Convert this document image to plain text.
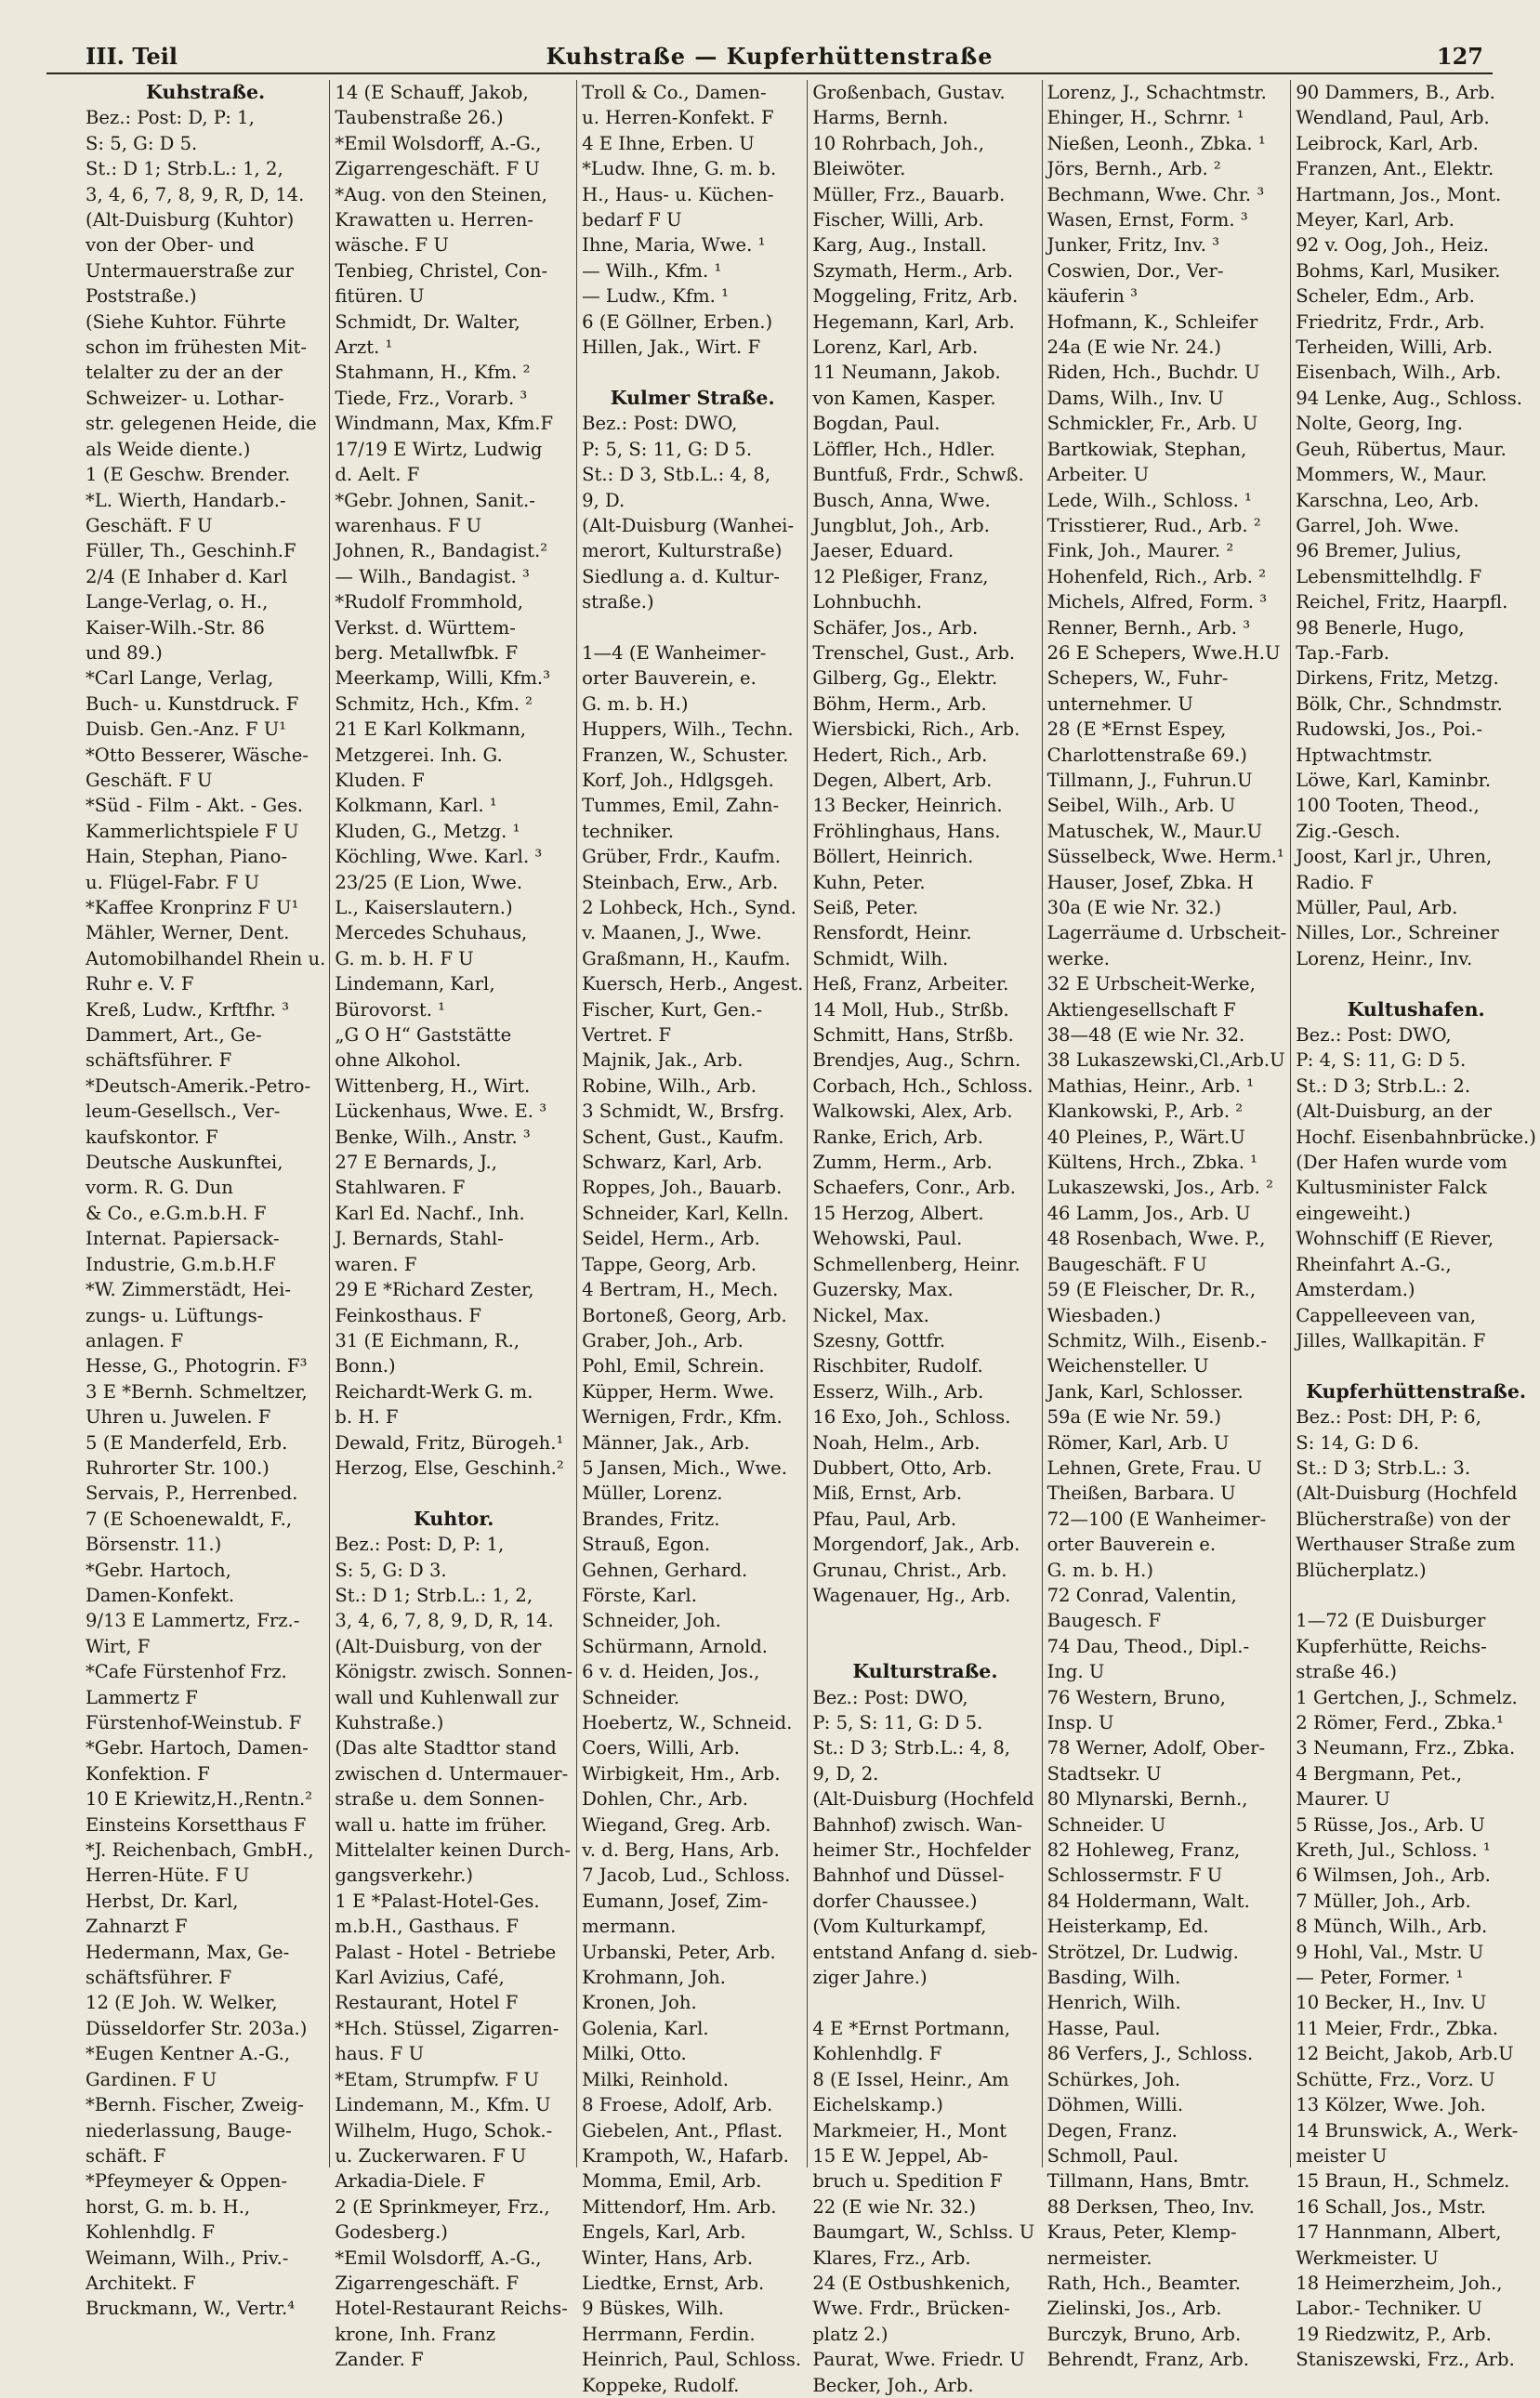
III. Teil	Kuhstraße — Kupferhüttenstraße	127
Kuhstraße.
Bez.: Post: D, P: 1,
S: 5, G: D 5.
St.: D 1; Strb.L.: 1, 2,
3, 4, 6, 7, 8, 9, R, D, 14.
(Alt-Duisburg (Kuhtor)
von der Ober- und
Untermauerstraße zur
Poststraße.)
(Siehe Kuhtor. Führte
schon im frühesten Mit-
telalter zu der an der
Schweizer- u. Lothar-
str. gelegenen Heide, die
als Weide diente.)
1 (E Geschw. Brender.
*L. Wierth, Handarb.-
Geschäft. F U
Füller, Th., Geschinh.F
2/4 (E Inhaber d. Karl
Lange-Verlag, o. H.,
Kaiser-Wilh.-Str. 86
und 89.)
*Carl Lange, Verlag,
Buch- u. Kunstdruck. F
Duisb. Gen.-Anz. F U¹
*Otto Besserer, Wäsche-
Geschäft. F U
*Süd - Film - Akt. - Ges.
Kammerlichtspiele F U
Hain, Stephan, Piano-
u. Flügel-Fabr. F U
*Kaffee Kronprinz F U¹
Mähler, Werner, Dent.
Automobilhandel Rhein u.
Ruhr e. V. F
Kreß, Ludw., Krftfhr. ³
Dammert, Art., Ge-
schäftsführer. F
*Deutsch-Amerik.-Petro-
leum-Gesellsch., Ver-
kaufskontor. F
Deutsche Auskunftei,
vorm. R. G. Dun
& Co., e.G.m.b.H. F
Internat. Papiersack-
Industrie, G.m.b.H.F
*W. Zimmerstädt, Hei-
zungs- u. Lüftungs-
anlagen. F
Hesse, G., Photogrin. F³
3 E *Bernh. Schmeltzer,
Uhren u. Juwelen. F
5 (E Manderfeld, Erb.
Ruhrorter Str. 100.)
Servais, P., Herrenbed.
7 (E Schoenewaldt, F.,
Börsenstr. 11.)
*Gebr. Hartoch,
Damen-Konfekt.
9/13 E Lammertz, Frz.-
Wirt, F
*Cafe Fürstenhof Frz.
Lammertz F
Fürstenhof-Weinstub. F
*Gebr. Hartoch, Damen-
Konfektion. F
10 E Kriewitz,H.,Rentn.²
Einsteins Korsetthaus F
*J. Reichenbach, GmbH.,
Herren-Hüte. F U
Herbst, Dr. Karl,
Zahnarzt F
Hedermann, Max, Ge-
schäftsführer. F
12 (E Joh. W. Welker,
Düsseldorfer Str. 203a.)
*Eugen Kentner A.-G.,
Gardinen. F U
*Bernh. Fischer, Zweig-
niederlassung, Bauge-
schäft. F
*Pfeymeyer & Oppen-
horst, G. m. b. H.,
Kohlenhdlg. F
Weimann, Wilh., Priv.-
Architekt. F
Bruckmann, W., Vertr.⁴
14 (E Schauff, Jakob,
Taubenstraße 26.)
*Emil Wolsdorff, A.-G.,
Zigarrengeschäft. F U
*Aug. von den Steinen,
Krawatten u. Herren-
wäsche. F U
Tenbieg, Christel, Con-
fitüren. U
Schmidt, Dr. Walter,
Arzt. ¹
Stahmann, H., Kfm. ²
Tiede, Frz., Vorarb. ³
Windmann, Max, Kfm.F
17/19 E Wirtz, Ludwig
d. Aelt. F
*Gebr. Johnen, Sanit.-
warenhaus. F U
Johnen, R., Bandagist.²
— Wilh., Bandagist. ³
*Rudolf Frommhold,
Verkst. d. Württem-
berg. Metallwfbk. F
Meerkamp, Willi, Kfm.³
Schmitz, Hch., Kfm. ²
21 E Karl Kolkmann,
Metzgerei. Inh. G.
Kluden. F
Kolkmann, Karl. ¹
Kluden, G., Metzg. ¹
Köchling, Wwe. Karl. ³
23/25 (E Lion, Wwe.
L., Kaiserslautern.)
Mercedes Schuhaus,
G. m. b. H. F U
Lindemann, Karl,
Bürovorst. ¹
„G O H“ Gaststätte
ohne Alkohol.
Wittenberg, H., Wirt.
Lückenhaus, Wwe. E. ³
Benke, Wilh., Anstr. ³
27 E Bernards, J.,
Stahlwaren. F
Karl Ed. Nachf., Inh.
J. Bernards, Stahl-
waren. F
29 E *Richard Zester,
Feinkosthaus. F
31 (E Eichmann, R.,
Bonn.)
Reichardt-Werk G. m.
b. H. F
Dewald, Fritz, Bürogeh.¹
Herzog, Else, Geschinh.²

Kuhtor.
Bez.: Post: D, P: 1,
S: 5, G: D 3.
St.: D 1; Strb.L.: 1, 2,
3, 4, 6, 7, 8, 9, D, R, 14.
(Alt-Duisburg, von der
Königstr. zwisch. Sonnen-
wall und Kuhlenwall zur
Kuhstraße.)
(Das alte Stadttor stand
zwischen d. Untermauer-
straße u. dem Sonnen-
wall u. hatte im früher.
Mittelalter keinen Durch-
gangsverkehr.)
1 E *Palast-Hotel-Ges.
m.b.H., Gasthaus. F
Palast - Hotel - Betriebe
Karl Avizius, Café,
Restaurant, Hotel F
*Hch. Stüssel, Zigarren-
haus. F U
*Etam, Strumpfw. F U
Lindemann, M., Kfm. U
Wilhelm, Hugo, Schok.-
u. Zuckerwaren. F U
Arkadia-Diele. F
2 (E Sprinkmeyer, Frz.,
Godesberg.)
*Emil Wolsdorff, A.-G.,
Zigarrengeschäft. F
Hotel-Restaurant Reichs-
krone, Inh. Franz
Zander. F
Troll & Co., Damen-
u. Herren-Konfekt. F
4 E Ihne, Erben. U
*Ludw. Ihne, G. m. b.
H., Haus- u. Küchen-
bedarf F U
Ihne, Maria, Wwe. ¹
— Wilh., Kfm. ¹
— Ludw., Kfm. ¹
6 (E Göllner, Erben.)
Hillen, Jak., Wirt. F

Kulmer Straße.
Bez.: Post: DWO,
P: 5, S: 11, G: D 5.
St.: D 3, Stb.L.: 4, 8,
9, D.
(Alt-Duisburg (Wanhei-
merort, Kulturstraße)
Siedlung a. d. Kultur-
straße.)

1—4 (E Wanheimer-
orter Bauverein, e.
G. m. b. H.)
Huppers, Wilh., Techn.
Franzen, W., Schuster.
Korf, Joh., Hdlgsgeh.
Tummes, Emil, Zahn-
techniker.
Grüber, Frdr., Kaufm.
Steinbach, Erw., Arb.
2 Lohbeck, Hch., Synd.
v. Maanen, J., Wwe.
Graßmann, H., Kaufm.
Kuersch, Herb., Angest.
Fischer, Kurt, Gen.-
Vertret. F
Majnik, Jak., Arb.
Robine, Wilh., Arb.
3 Schmidt, W., Brsfrg.
Schent, Gust., Kaufm.
Schwarz, Karl, Arb.
Roppes, Joh., Bauarb.
Schneider, Karl, Kelln.
Seidel, Herm., Arb.
Tappe, Georg, Arb.
4 Bertram, H., Mech.
Bortoneß, Georg, Arb.
Graber, Joh., Arb.
Pohl, Emil, Schrein.
Küpper, Herm. Wwe.
Wernigen, Frdr., Kfm.
Männer, Jak., Arb.
5 Jansen, Mich., Wwe.
Müller, Lorenz.
Brandes, Fritz.
Strauß, Egon.
Gehnen, Gerhard.
Förste, Karl.
Schneider, Joh.
Schürmann, Arnold.
6 v. d. Heiden, Jos.,
Schneider.
Hoebertz, W., Schneid.
Coers, Willi, Arb.
Wirbigkeit, Hm., Arb.
Dohlen, Chr., Arb.
Wiegand, Greg. Arb.
v. d. Berg, Hans, Arb.
7 Jacob, Lud., Schloss.
Eumann, Josef, Zim-
mermann.
Urbanski, Peter, Arb.
Krohmann, Joh.
Kronen, Joh.
Golenia, Karl.
Milki, Otto.
Milki, Reinhold.
8 Froese, Adolf, Arb.
Giebelen, Ant., Pflast.
Krampoth, W., Hafarb.
Momma, Emil, Arb.
Mittendorf, Hm. Arb.
Engels, Karl, Arb.
Winter, Hans, Arb.
Liedtke, Ernst, Arb.
9 Büskes, Wilh.
Herrmann, Ferdin.
Heinrich, Paul, Schloss.
Koppeke, Rudolf.
Großenbach, Gustav.
Harms, Bernh.
10 Rohrbach, Joh.,
Bleiwöter.
Müller, Frz., Bauarb.
Fischer, Willi, Arb.
Karg, Aug., Install.
Szymath, Herm., Arb.
Moggeling, Fritz, Arb.
Hegemann, Karl, Arb.
Lorenz, Karl, Arb.
11 Neumann, Jakob.
von Kamen, Kasper.
Bogdan, Paul.
Löffler, Hch., Hdler.
Buntfuß, Frdr., Schwß.
Busch, Anna, Wwe.
Jungblut, Joh., Arb.
Jaeser, Eduard.
12 Pleßiger, Franz,
Lohnbuchh.
Schäfer, Jos., Arb.
Trenschel, Gust., Arb.
Gilberg, Gg., Elektr.
Böhm, Herm., Arb.
Wiersbicki, Rich., Arb.
Hedert, Rich., Arb.
Degen, Albert, Arb.
13 Becker, Heinrich.
Fröhlinghaus, Hans.
Böllert, Heinrich.
Kuhn, Peter.
Seiß, Peter.
Rensfordt, Heinr.
Schmidt, Wilh.
Heß, Franz, Arbeiter.
14 Moll, Hub., Strßb.
Schmitt, Hans, Strßb.
Brendjes, Aug., Schrn.
Corbach, Hch., Schloss.
Walkowski, Alex, Arb.
Ranke, Erich, Arb.
Zumm, Herm., Arb.
Schaefers, Conr., Arb.
15 Herzog, Albert.
Wehowski, Paul.
Schmellenberg, Heinr.
Guzersky, Max.
Nickel, Max.
Szesny, Gottfr.
Rischbiter, Rudolf.
Esserz, Wilh., Arb.
16 Exo, Joh., Schloss.
Noah, Helm., Arb.
Dubbert, Otto, Arb.
Miß, Ernst, Arb.
Pfau, Paul, Arb.
Morgendorf, Jak., Arb.
Grunau, Christ., Arb.
Wagenauer, Hg., Arb.

Kulturstraße.
Bez.: Post: DWO,
P: 5, S: 11, G: D 5.
St.: D 3; Strb.L.: 4, 8,
9, D, 2.
(Alt-Duisburg (Hochfeld
Bahnhof) zwisch. Wan-
heimer Str., Hochfelder
Bahnhof und Düssel-
dorfer Chaussee.)
(Vom Kulturkampf,
entstand Anfang d. sieb-
ziger Jahre.)

4 E *Ernst Portmann,
Kohlenhdlg. F
8 (E Issel, Heinr., Am
Eichelskamp.)
Markmeier, H., Mont
15 E W. Jeppel, Ab-
bruch u. Spedition F
22 (E wie Nr. 32.)
Baumgart, W., Schlss. U
Klares, Frz., Arb.
24 (E Ostbushkenich,
Wwe. Frdr., Brücken-
platz 2.)
Paurat, Wwe. Friedr. U
Becker, Joh., Arb.
Lorenz, J., Schachtmstr.
Ehinger, H., Schrnr. ¹
Nießen, Leonh., Zbka. ¹
Jörs, Bernh., Arb. ²
Bechmann, Wwe. Chr. ³
Wasen, Ernst, Form. ³
Junker, Fritz, Inv. ³
Coswien, Dor., Ver-
käuferin ³
Hofmann, K., Schleifer
24a (E wie Nr. 24.)
Riden, Hch., Buchdr. U
Dams, Wilh., Inv. U
Schmickler, Fr., Arb. U
Bartkowiak, Stephan,
Arbeiter. U
Lede, Wilh., Schloss. ¹
Trisstierer, Rud., Arb. ²
Fink, Joh., Maurer. ²
Hohenfeld, Rich., Arb. ²
Michels, Alfred, Form. ³
Renner, Bernh., Arb. ³
26 E Schepers, Wwe.H.U
Schepers, W., Fuhr-
unternehmer. U
28 (E *Ernst Espey,
Charlottenstraße 69.)
Tillmann, J., Fuhrun.U
Seibel, Wilh., Arb. U
Matuschek, W., Maur.U
Süsselbeck, Wwe. Herm.¹
Hauser, Josef, Zbka. H
30a (E wie Nr. 32.)
Lagerräume d. Urbscheit-
werke.
32 E Urbscheit-Werke,
Aktiengesellschaft F
38—48 (E wie Nr. 32.
38 Lukaszewski,Cl.,Arb.U
Mathias, Heinr., Arb. ¹
Klankowski, P., Arb. ²
40 Pleines, P., Wärt.U
Kültens, Hrch., Zbka. ¹
Lukaszewski, Jos., Arb. ²
46 Lamm, Jos., Arb. U
48 Rosenbach, Wwe. P.,
Baugeschäft. F U
59 (E Fleischer, Dr. R.,
Wiesbaden.)
Schmitz, Wilh., Eisenb.-
Weichensteller. U
Jank, Karl, Schlosser.
59a (E wie Nr. 59.)
Römer, Karl, Arb. U
Lehnen, Grete, Frau. U
Theißen, Barbara. U
72—100 (E Wanheimer-
orter Bauverein e.
G. m. b. H.)
72 Conrad, Valentin,
Baugesch. F
74 Dau, Theod., Dipl.-
Ing. U
76 Western, Bruno,
Insp. U
78 Werner, Adolf, Ober-
Stadtsekr. U
80 Mlynarski, Bernh.,
Schneider. U
82 Hohleweg, Franz,
Schlossermstr. F U
84 Holdermann, Walt.
Heisterkamp, Ed.
Strötzel, Dr. Ludwig.
Basding, Wilh.
Henrich, Wilh.
Hasse, Paul.
86 Verfers, J., Schloss.
Schürkes, Joh.
Döhmen, Willi.
Degen, Franz.
Schmoll, Paul.
Tillmann, Hans, Bmtr.
88 Derksen, Theo, Inv.
Kraus, Peter, Klemp-
nermeister.
Rath, Hch., Beamter.
Zielinski, Jos., Arb.
Burczyk, Bruno, Arb.
Behrendt, Franz, Arb.
90 Dammers, B., Arb.
Wendland, Paul, Arb.
Leibrock, Karl, Arb.
Franzen, Ant., Elektr.
Hartmann, Jos., Mont.
Meyer, Karl, Arb.
92 v. Oog, Joh., Heiz.
Bohms, Karl, Musiker.
Scheler, Edm., Arb.
Friedritz, Frdr., Arb.
Terheiden, Willi, Arb.
Eisenbach, Wilh., Arb.
94 Lenke, Aug., Schloss.
Nolte, Georg, Ing.
Geuh, Rübertus, Maur.
Mommers, W., Maur.
Karschna, Leo, Arb.
Garrel, Joh. Wwe.
96 Bremer, Julius,
Lebensmittelhdlg. F
Reichel, Fritz, Haarpfl.
98 Benerle, Hugo,
Tap.-Farb.
Dirkens, Fritz, Metzg.
Bölk, Chr., Schndmstr.
Rudowski, Jos., Poi.-
Hptwachtmstr.
Löwe, Karl, Kaminbr.
100 Tooten, Theod.,
Zig.-Gesch.
Joost, Karl jr., Uhren,
Radio. F
Müller, Paul, Arb.
Nilles, Lor., Schreiner
Lorenz, Heinr., Inv.

Kultushafen.
Bez.: Post: DWO,
P: 4, S: 11, G: D 5.
St.: D 3; Strb.L.: 2.
(Alt-Duisburg, an der
Hochf. Eisenbahnbrücke.)
(Der Hafen wurde vom
Kultusminister Falck
eingeweiht.)
Wohnschiff (E Riever,
Rheinfahrt A.-G.,
Amsterdam.)
Cappelleeveen van,
Jilles, Wallkapitän. F

Kupferhüttenstraße.
Bez.: Post: DH, P: 6,
S: 14, G: D 6.
St.: D 3; Strb.L.: 3.
(Alt-Duisburg (Hochfeld
Blücherstraße) von der
Werthauser Straße zum
Blücherplatz.)

1—72 (E Duisburger
Kupferhütte, Reichs-
straße 46.)
1 Gertchen, J., Schmelz.
2 Römer, Ferd., Zbka.¹
3 Neumann, Frz., Zbka.
4 Bergmann, Pet.,
Maurer. U
5 Rüsse, Jos., Arb. U
Kreth, Jul., Schloss. ¹
6 Wilmsen, Joh., Arb.
7 Müller, Joh., Arb.
8 Münch, Wilh., Arb.
9 Hohl, Val., Mstr. U
— Peter, Former. ¹
10 Becker, H., Inv. U
11 Meier, Frdr., Zbka.
12 Beicht, Jakob, Arb.U
Schütte, Frz., Vorz. U
13 Kölzer, Wwe. Joh.
14 Brunswick, A., Werk-
meister U
15 Braun, H., Schmelz.
16 Schall, Jos., Mstr.
17 Hannmann, Albert,
Werkmeister. U
18 Heimerzheim, Joh.,
Labor.- Techniker. U
19 Riedzwitz, P., Arb.
Staniszewski, Frz., Arb.
